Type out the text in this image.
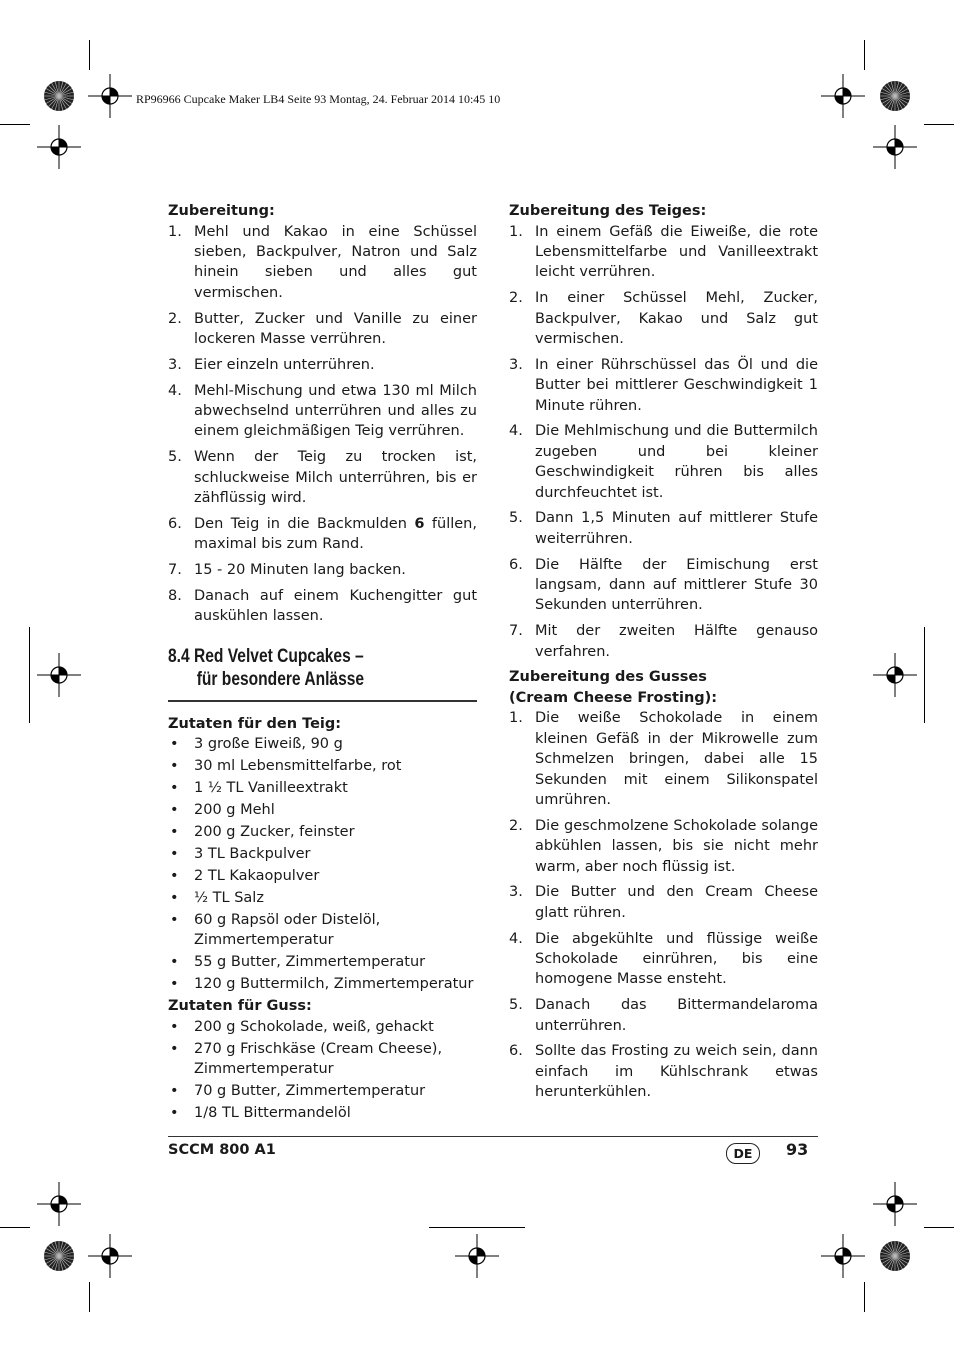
RP96966 Cupcake Maker LB4 Seite 93 Montag, 24. Februar 2014 10:45 10
Zubereitung:
1. Mehl und Kakao in eine Schüssel sieben, Backpulver, Natron und Salz hinein sieben und alles gut vermischen.
2. Butter, Zucker und Vanille zu einer lockeren Masse verrühren.
3. Eier einzeln unterrühren.
4. Mehl-Mischung und etwa 130 ml Milch abwechselnd unterrühren und alles zu einem gleichmäßigen Teig verrühren.
5. Wenn der Teig zu trocken ist, schluckweise Milch unterrühren, bis er zähflüssig wird.
6. Den Teig in die Backmulden 6 füllen, maximal bis zum Rand.
7. 15 - 20 Minuten lang backen.
8. Danach auf einem Kuchengitter gut auskühlen lassen.
8.4 Red Velvet Cupcakes –
für besondere Anlässe
Zutaten für den Teig:
• 3 große Eiweiß, 90 g
• 30 ml Lebensmittelfarbe, rot
• 1 ½ TL Vanilleextrakt
• 200 g Mehl
• 200 g Zucker, feinster
• 3 TL Backpulver
• 2 TL Kakaopulver
• ½ TL Salz
• 60 g Rapsöl oder Distelöl, Zimmertemperatur
• 55 g Butter, Zimmertemperatur
• 120 g Buttermilch, Zimmertemperatur
Zutaten für Guss:
• 200 g Schokolade, weiß, gehackt
• 270 g Frischkäse (Cream Cheese), Zimmertemperatur
• 70 g Butter, Zimmertemperatur
• 1/8 TL Bittermandelöl
Zubereitung des Teiges:
1. In einem Gefäß die Eiweiße, die rote Lebensmittelfarbe und Vanilleextrakt leicht verrühren.
2. In einer Schüssel Mehl, Zucker, Backpulver, Kakao und Salz gut vermischen.
3. In einer Rührschüssel das Öl und die Butter bei mittlerer Geschwindigkeit 1 Minute rühren.
4. Die Mehlmischung und die Buttermilch zugeben und bei kleiner Geschwindigkeit rühren bis alles durchfeuchtet ist.
5. Dann 1,5 Minuten auf mittlerer Stufe weiterrühren.
6. Die Hälfte der Eimischung erst langsam, dann auf mittlerer Stufe 30 Sekunden unterrühren.
7. Mit der zweiten Hälfte genauso verfahren.
Zubereitung des Gusses
(Cream Cheese Frosting):
1. Die weiße Schokolade in einem kleinen Gefäß in der Mikrowelle zum Schmelzen bringen, dabei alle 15 Sekunden mit einem Silikonspatel umrühren.
2. Die geschmolzene Schokolade solange abkühlen lassen, bis sie nicht mehr warm, aber noch flüssig ist.
3. Die Butter und den Cream Cheese glatt rühren.
4. Die abgekühlte und flüssige weiße Schokolade einrühren, bis eine homogene Masse ensteht.
5. Danach das Bittermandelaroma unterrühren.
6. Sollte das Frosting zu weich sein, dann einfach im Kühlschrank etwas herunterkühlen.
SCCM 800 A1	DE	93
